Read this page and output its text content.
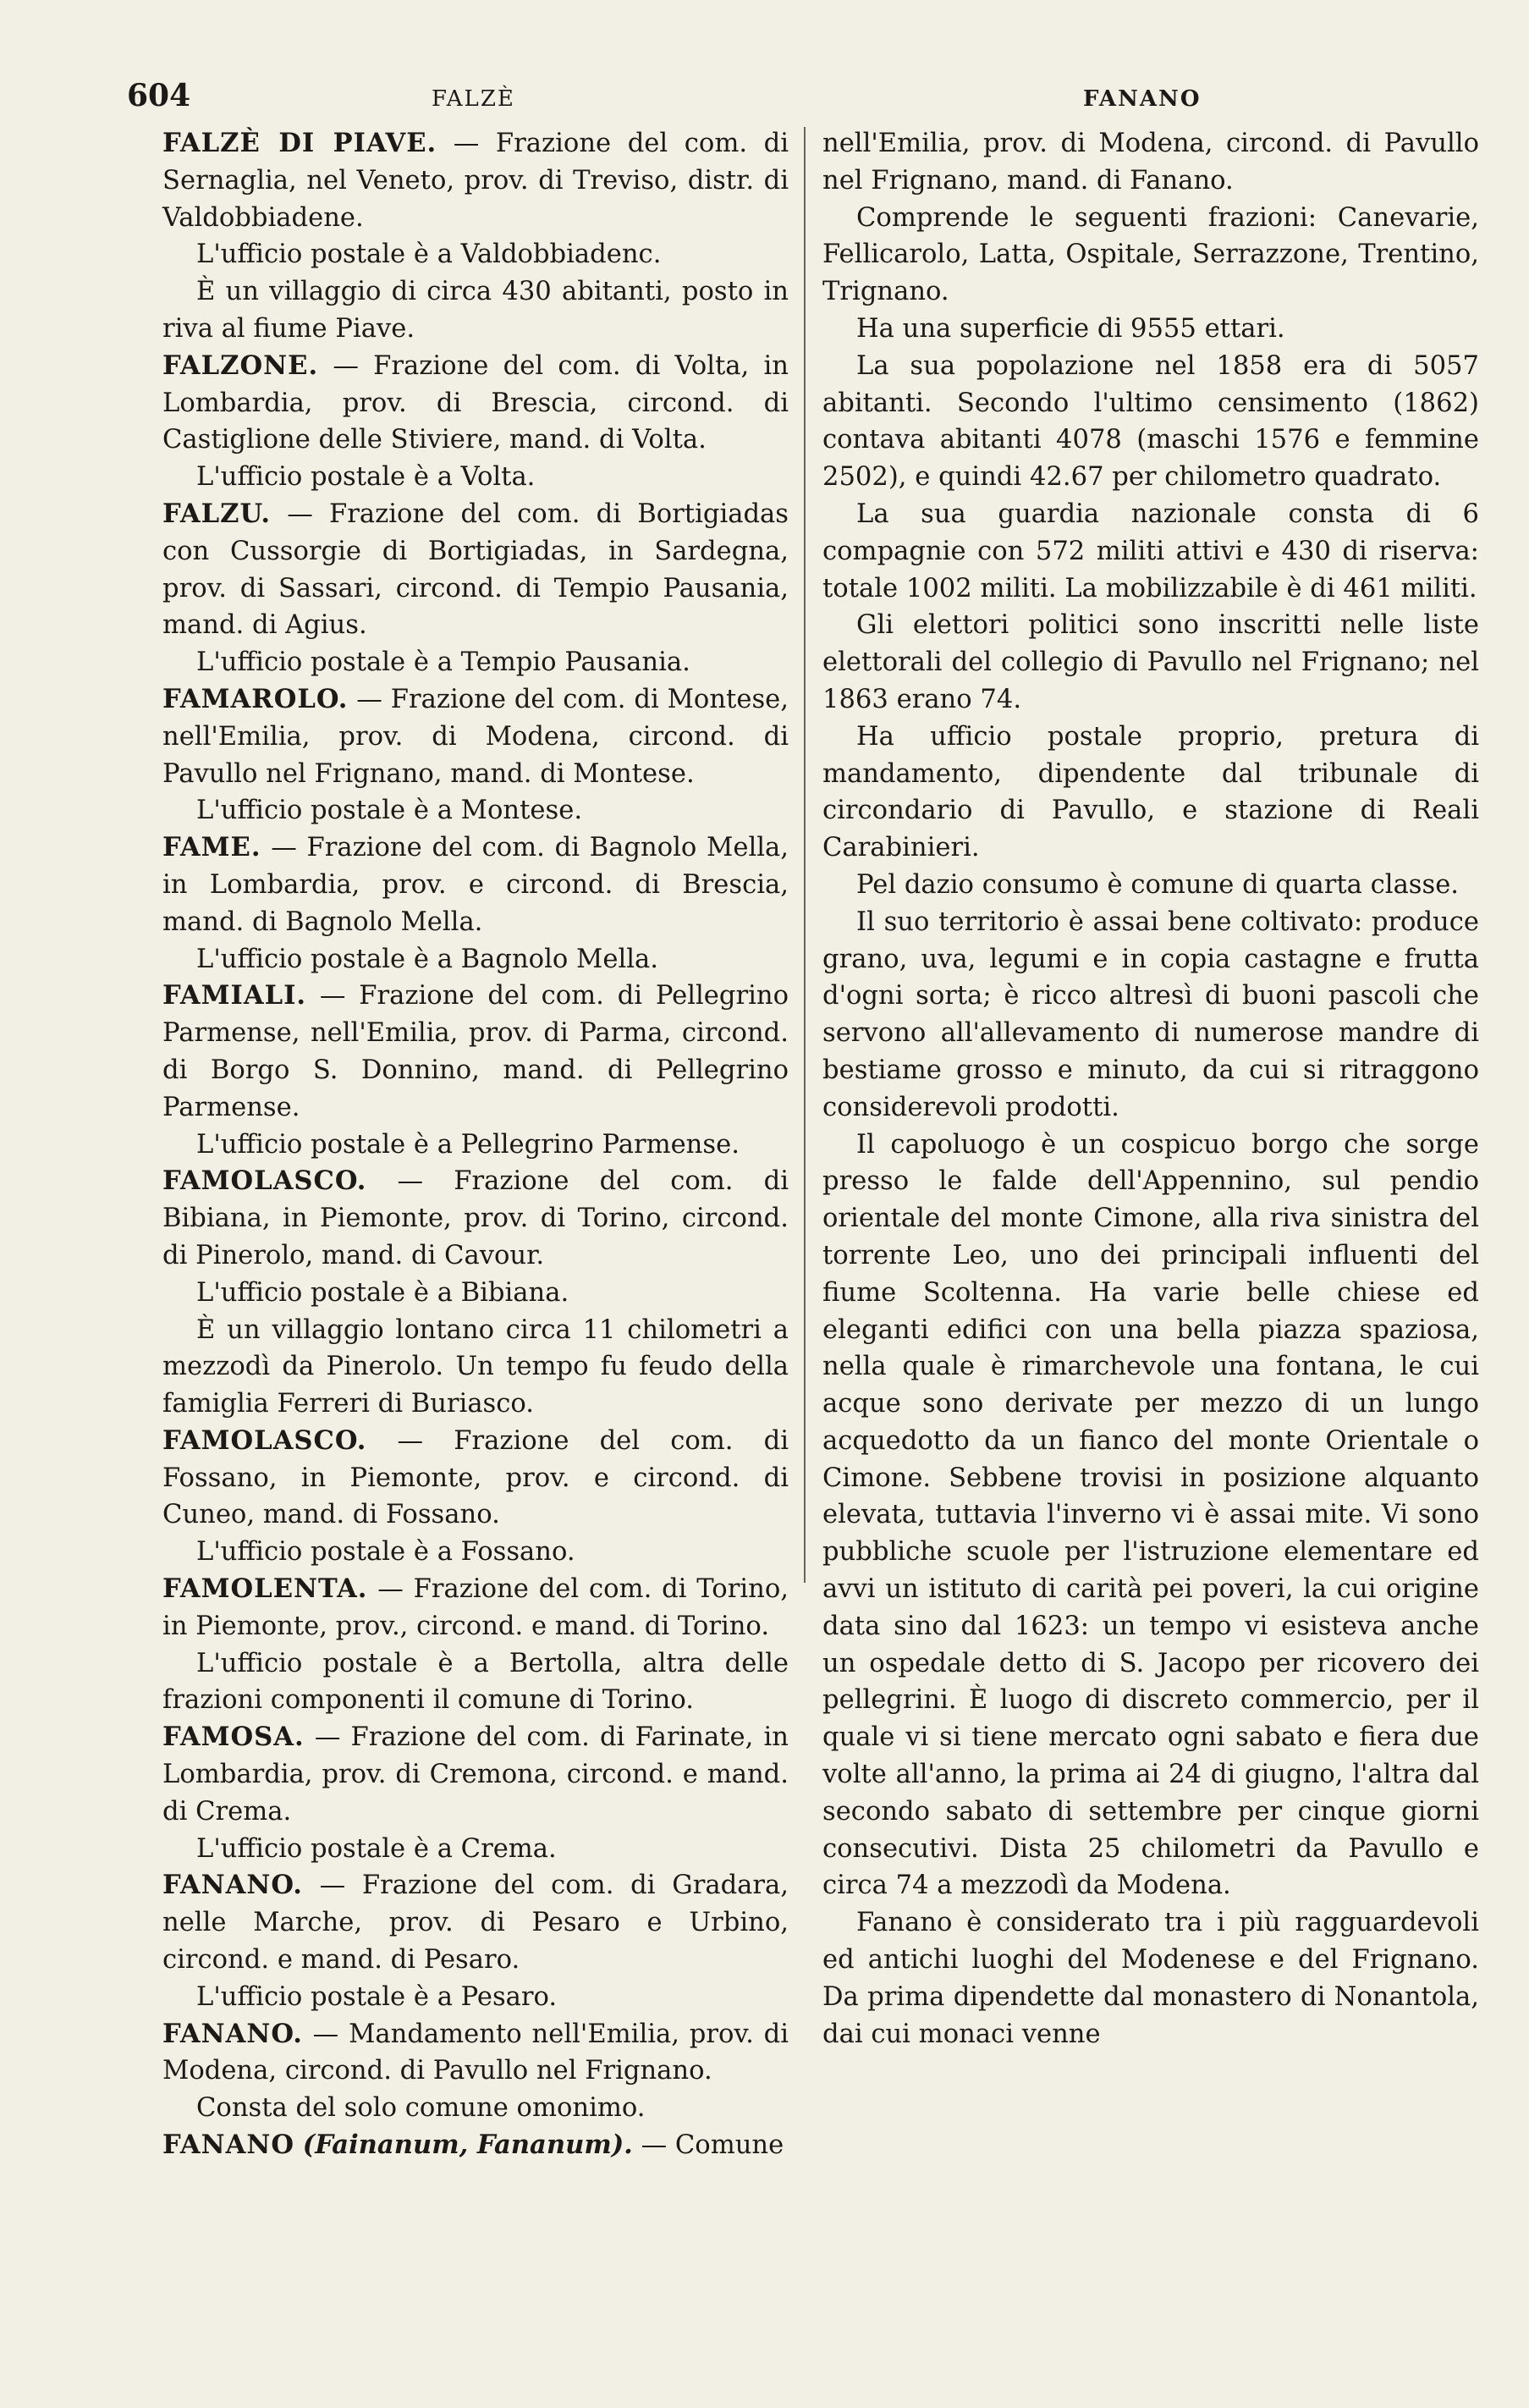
604	FALZÈ	FANANO

FALZÈ DI PIAVE. — Frazione del com. di Sernaglia, nel Veneto, prov. di Treviso, distr. di Valdobbiadene.

L'ufficio postale è a Valdobbiadenc.

È un villaggio di circa 430 abitanti, posto in riva al fiume Piave.

FALZONE. — Frazione del com. di Volta, in Lombardia, prov. di Brescia, circond. di Castiglione delle Stiviere, mand. di Volta.

L'ufficio postale è a Volta.

FALZU. — Frazione del com. di Bortigiadas con Cussorgie di Bortigiadas, in Sardegna, prov. di Sassari, circond. di Tempio Pausania, mand. di Agius.

L'ufficio postale è a Tempio Pausania.

FAMAROLO. — Frazione del com. di Montese, nell'Emilia, prov. di Modena, circond. di Pavullo nel Frignano, mand. di Montese.

L'ufficio postale è a Montese.

FAME. — Frazione del com. di Bagnolo Mella, in Lombardia, prov. e circond. di Brescia, mand. di Bagnolo Mella.

L'ufficio postale è a Bagnolo Mella.

FAMIALI. — Frazione del com. di Pellegrino Parmense, nell'Emilia, prov. di Parma, circond. di Borgo S. Donnino, mand. di Pellegrino Parmense.

L'ufficio postale è a Pellegrino Parmense.

FAMOLASCO. — Frazione del com. di Bibiana, in Piemonte, prov. di Torino, circond. di Pinerolo, mand. di Cavour.

L'ufficio postale è a Bibiana.

È un villaggio lontano circa 11 chilometri a mezzodì da Pinerolo. Un tempo fu feudo della famiglia Ferreri di Buriasco.

FAMOLASCO. — Frazione del com. di Fossano, in Piemonte, prov. e circond. di Cuneo, mand. di Fossano.

L'ufficio postale è a Fossano.

FAMOLENTA. — Frazione del com. di Torino, in Piemonte, prov., circond. e mand. di Torino.

L'ufficio postale è a Bertolla, altra delle frazioni componenti il comune di Torino.

FAMOSA. — Frazione del com. di Farinate, in Lombardia, prov. di Cremona, circond. e mand. di Crema.

L'ufficio postale è a Crema.

FANANO. — Frazione del com. di Gradara, nelle Marche, prov. di Pesaro e Urbino, circond. e mand. di Pesaro.

L'ufficio postale è a Pesaro.

FANANO. — Mandamento nell'Emilia, prov. di Modena, circond. di Pavullo nel Frignano.

Consta del solo comune omonimo.

FANANO (Fainanum, Fananum). — Comune

nell'Emilia, prov. di Modena, circond. di Pavullo nel Frignano, mand. di Fanano.

Comprende le seguenti frazioni: Canevarie, Fellicarolo, Latta, Ospitale, Serrazzone, Trentino, Trignano.

Ha una superficie di 9555 ettari.

La sua popolazione nel 1858 era di 5057 abitanti. Secondo l'ultimo censimento (1862) contava abitanti 4078 (maschi 1576 e femmine 2502), e quindi 42.67 per chilometro quadrato.

La sua guardia nazionale consta di 6 compagnie con 572 militi attivi e 430 di riserva: totale 1002 militi. La mobilizzabile è di 461 militi.

Gli elettori politici sono inscritti nelle liste elettorali del collegio di Pavullo nel Frignano; nel 1863 erano 74.

Ha ufficio postale proprio, pretura di mandamento, dipendente dal tribunale di circondario di Pavullo, e stazione di Reali Carabinieri.

Pel dazio consumo è comune di quarta classe.

Il suo territorio è assai bene coltivato: produce grano, uva, legumi e in copia castagne e frutta d'ogni sorta; è ricco altresì di buoni pascoli che servono all'allevamento di numerose mandre di bestiame grosso e minuto, da cui si ritraggono considerevoli prodotti.

Il capoluogo è un cospicuo borgo che sorge presso le falde dell'Appennino, sul pendio orientale del monte Cimone, alla riva sinistra del torrente Leo, uno dei principali influenti del fiume Scoltenna. Ha varie belle chiese ed eleganti edifici con una bella piazza spaziosa, nella quale è rimarchevole una fontana, le cui acque sono derivate per mezzo di un lungo acquedotto da un fianco del monte Orientale o Cimone. Sebbene trovisi in posizione alquanto elevata, tuttavia l'inverno vi è assai mite. Vi sono pubbliche scuole per l'istruzione elementare ed avvi un istituto di carità pei poveri, la cui origine data sino dal 1623: un tempo vi esisteva anche un ospedale detto di S. Jacopo per ricovero dei pellegrini. È luogo di discreto commercio, per il quale vi si tiene mercato ogni sabato e fiera due volte all'anno, la prima ai 24 di giugno, l'altra dal secondo sabato di settembre per cinque giorni consecutivi. Dista 25 chilometri da Pavullo e circa 74 a mezzodì da Modena.

Fanano è considerato tra i più ragguardevoli ed antichi luoghi del Modenese e del Frignano. Da prima dipendette dal monastero di Nonantola, dai cui monaci venne
